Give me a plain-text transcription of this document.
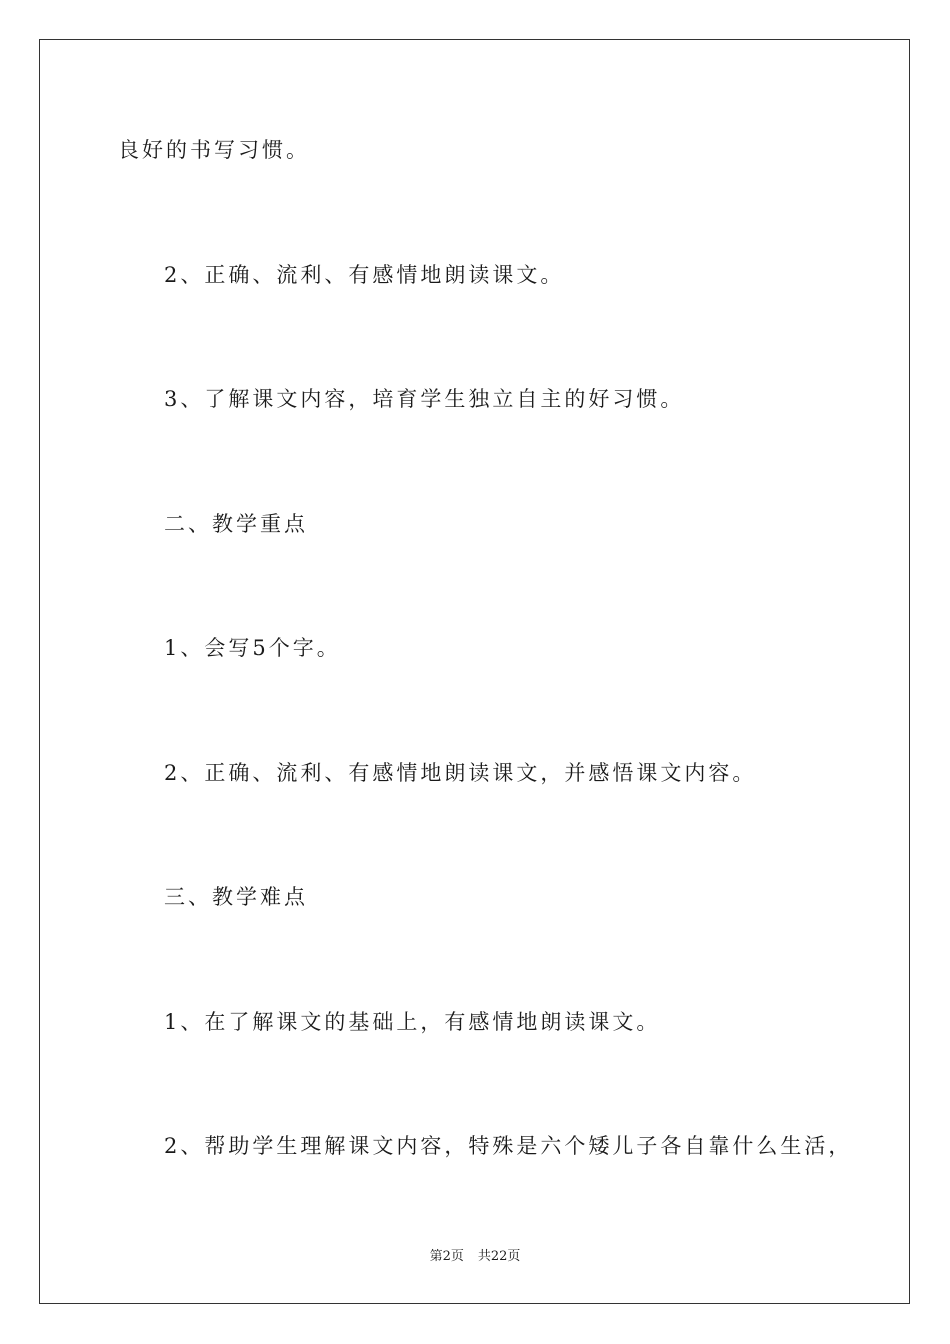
良好的书写习惯。
2、正确、流利、有感情地朗读课文。
3、了解课文内容，培育学生独立自主的好习惯。
二、教学重点
1、会写5个字。
2、正确、流利、有感情地朗读课文，并感悟课文内容。
三、教学难点
1、在了解课文的基础上，有感情地朗读课文。
2、帮助学生理解课文内容，特殊是六个矮儿子各自靠什么生活，
第2页 共22页
